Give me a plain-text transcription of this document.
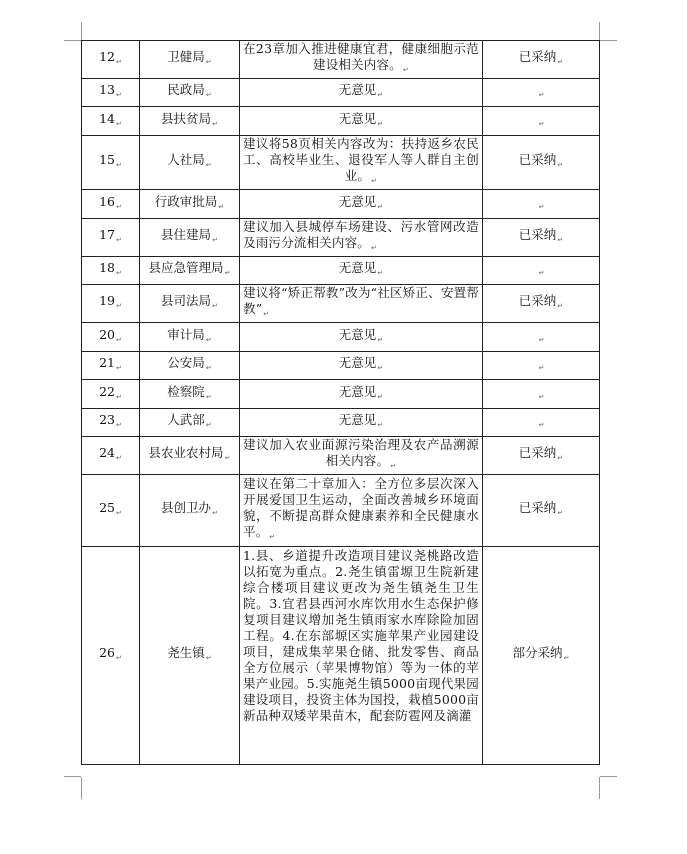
$12_↵$	卫健局$_↵$	在23章加入推进健康宜君，健康细胞示范建设相关内容。$_↵$	已采纳$_↵$
$13_↵$	民政局$_↵$	无意见$_↵$	$_↵$
$14_↵$	县扶贫局$_↵$	无意见$_↵$	$_↵$
$15_↵$	人社局$_↵$	建议将58页相关内容改为：扶持返乡农民工、高校毕业生、退役军人等人群自主创业。$_↵$	已采纳$_↵$
$16_↵$	行政审批局$_↵$	无意见$_↵$	$_↵$
$17_↵$	县住建局$_↵$	建议加入县城停车场建设、污水管网改造及雨污分流相关内容。$_↵$	已采纳$_↵$
$18_↵$	县应急管理局$_↵$	无意见$_↵$	$_↵$
$19_↵$	县司法局$_↵$	建议将“矫正帮教”改为“社区矫正、安置帮教$”_↵$	已采纳$_↵$
$20_↵$	审计局$_↵$	无意见$_↵$	$_↵$
$21_↵$	公安局$_↵$	无意见$_↵$	$_↵$
$22_↵$	检察院$_↵$	无意见$_↵$	$_↵$
$23_↵$	人武部$_↵$	无意见$_↵$	$_↵$
$24_↵$	县农业农村局$_↵$	建议加入农业面源污染治理及农产品溯源相关内容。$_↵$	已采纳$_↵$
$25_↵$	县创卫办$_↵$	建议在第二十章加入：全方位多层次深入开展爱国卫生运动，全面改善城乡环境面貌，不断提高群众健康素养和全民健康水平。$_↵$	已采纳$_↵$
$26_↵$	尧生镇$_↵$	1.县、乡道提升改造项目建议尧桃路改造以拓宽为重点。2.尧生镇雷塬卫生院新建综合楼项目建议更改为尧生镇尧生卫生院。3.宜君县西河水库饮用水生态保护修复项目建议增加尧生镇雨家水库除险加固工程。4.在东部塬区实施苹果产业园建设项目，建成集苹果仓储、批发零售、商品全方位展示（苹果博物馆）等为一体的苹果产业园。5.实施尧生镇5000亩现代果园建设项目，投资主体为国投，栽植5000亩新品种双矮苹果苗木，配套防雹网及滴灌	部分采纳$_↵$
